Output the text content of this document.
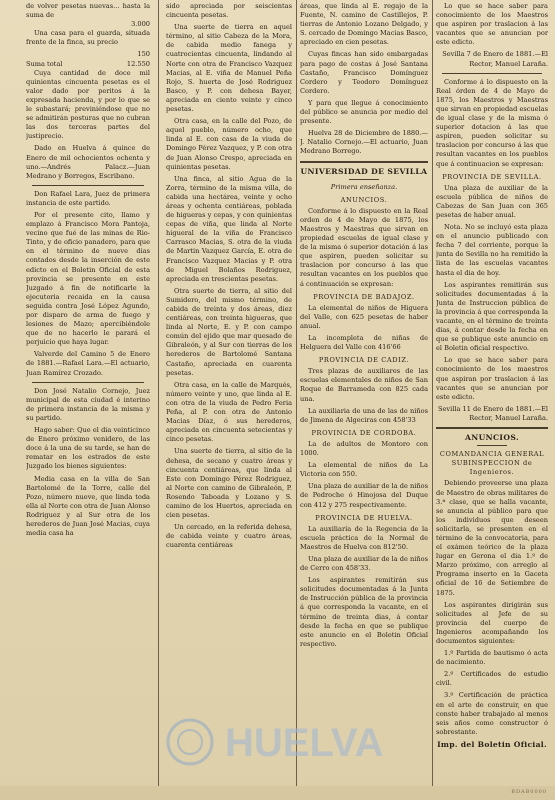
de volver pesetas nuevas... hasta la suma de
3.000

Una casa para el guarda, situada frente de la finca, su precio

150
Suma total	12.550

Cuya cantidad de doce mil quinientas cincuenta pesetas es el valor dado por peritos á la expresada hacienda, y por lo que se le subastará; previniéndose que no se admitirán posturas que no cubran las dos terceras partes del justiprecio.

Dado en Huelva á quince de Enero de mil ochocientos ochenta y uno.—Andrés Palacz.—Juan Medrano y Borregos, Escribano.

Don Rafael Lara, Juez de primera instancia de este partido.

Por el presente cito, llamo y emplazo á Francisco Mora Pantoja, vecino que fué de las minas de Rio-Tinto, y de oficio panadero, para que en el término de nueve dias contados desde la inserción de este edicto en el Boletin Oficial de esta provincia se presente en este Juzgado á fin de notificarle la ejecutoria recaida en la causa seguida contra José López Agundo, por disparo de arma de fuego y lesiones de Mazo; apercibiéndole que de no hacerlo le parará el perjuicio que haya lugar.

Valverde del Camino 5 de Enero de 1881.—Rafael Lara.—El actuario, Juan Ramírez Crozado.

Don José Natalio Cornejo, Juez municipal de esta ciudad é interino de primera instancia de la misma y su partido.

Hago saber: Que el dia veinticinco de Enero próximo venidero, de las doce á la una de su tarde, se han de rematar en los estrados de este Juzgado los bienes siguientes:

Media casa en la villa de San Bartolomé de la Torre, calle del Pozo, número nueve, que linda toda ella al Norte con otra de Juan Alonso Rodriguez y al Sur otra de los herederos de Juan José Macias, cuya media casa ha

sido apreciada por seiscientas cincuenta pesetas.

Una suerte de tierra en aquel término, al sitio Cabeza de la Mora, de cabida medio fanega y cuatrocientas cincuenta, lindando al Norte con otra de Francisco Vazquez Macias, al E. viña de Manuel Peña Rojo, S. huerta de José Rodriguez Basco, y P. con dehesa Bayer, apreciada en ciento veinte y cinco pesetas.

Otra casa, en la calle del Pozo, de aquel pueblo, número ocho, que linda al E. con casa de la viuda de Domingo Pérez Vazquez, y P. con otra de Juan Alonso Crespo, apreciada en quinientas pesetas.

Una finca, al sitio Agua de la Zorra, término de la misma villa, de cabida una hectárea, veinte y ocho áreas y ochenta centiáreas, poblada de higueras y cepas, y con quinientas cepas de viña, que linda al Norte higueral de la viña de Francisco Carrasco Macias, S. otra de la viuda de Martin Vazquez García, E. otra de Francisco Vazquez Macias y P. otra de Miguel Bolaños Rodriguez, apreciada en trescientas pesetas.

Otra suerte de tierra, al sitio del Sumidero, del mismo término, de cabida de treinta y dos áreas, diez centiáreas, con treinta higueras, que linda al Norte, E. y P. con campo común del ejido que mar quesado de Gibraleón, y al Sur con tierras de los herederos de Bartolomé Santana Castaño, apreciada en cuarenta pesetas.

Otra casa, en la calle de Marqués, número veinte y uno, que linda al E. con otra de la viuda de Pedro Feria Peña, al P. con otra de Antonio Macias Díaz, ó sus herederos, apreciada en cincuenta setecientas y cinco pesetas.

Una suerte de tierra, al sitio de la dehesa, de secano y cuatro áreas y cincuenta centiáreas, que linda al Este con Domingo Pérez Rodriguez, al Norte con camino de Gibraleón, P. Rosendo Taboada y Lozano y S. camino de los Huertos, apreciada en cien pesetas.

Un cercado, en la referida dehesa, de cabida veinte y cuatro áreas, cuarenta centiáreas

áreas, que linda al E. regajo de la Fuente, N. camino de Castillejos, P. tierras de Antonio Lozano Delgado, y S. cercado de Domingo Macias Basco, apreciado en cien pesetas.

Cuyas fincas han sido embargadas para pago de costas á José Santana Castaño, Francisco Domínguez Cordero y Teodoro Domínguez Cordero.

Y para que llegue á conocimiento del público se anuncia por medio del presente.

Huelva 28 de Diciembre de 1880.—J. Natalio Cornejo.—El actuario, Juan Medrano Borrego.

UNIVERSIDAD DE SEVILLA
Primera enseñanza.
ANUNCIOS.

Conforme á lo dispuesto en la Real orden de 4 de Mayo de 1875, los Maestros y Maestras que sirvan en propiedad escuelas de igual clase y de la misma ó superior dotación á las que aspiren, pueden solicitar su traslacion por concurso á las que resultan vacantes en los pueblos que á continuación se expresan:

PROVINCIA DE BADAJOZ.

La elemental de niños de Higuera del Valle, con 625 pesetas de haber anual.

La incompleta de niñas de Helguera del Valle con 416'66

PROVINCIA DE CADIZ.

Tres plazas de auxiliares de las escuelas elementales de niños de San Roque de Barrameda con 825 cada una.

La auxiliaria de una de las de niños de Jimena de Algeciras con 458'33

PROVINCIA DE CORDOBA.

La de adultos de Montoro con 1000.

La elemental de niños de La Victoria con 550.

Una plaza de auxiliar de la de niños de Pedroche ó Hinojosa del Duque con 412 y 275 respectivamente.

PROVINCIA DE HUELVA.

La auxiliaría de la Regencia de la escuela práctica de la Normal de Maestros de Huelva con 812'50.

Una plaza de auxiliar de la de niños de Cerro con 458'33.

Los aspirantes remitirán sus solicitudes documentadas á la Junta de Instrucción pública de la provincia á que corresponda la vacante, en el término de treinta dias, á contar desde la fecha en que se publique este anuncio en el Boletin Oficial respectivo.

Lo que se hace saber para conocimiento de los Maestros que aspiren por traslacion á las vacantes que se anuncian por este edicto.

Sevilla 7 de Enero de 1881.—El Rector, Manuel Laraña.

Conforme á lo dispuesto en la Real órden de 4 de Mayo de 1875, los Maestros y Maestras que sirvan en propiedad escuelas de igual clase y de la misma ó superior dotacion á las que aspiren, pueden solicitar su traslacion por concurso á las que resultan vacantes en los pueblos que á continuacion se expresan:

PROVINCIA DE SEVILLA.

Una plaza de auxiliar de la escuela pública de niños de Cabezas de San Juan con 365 pesetas de haber anual.

Nota. No se incluyó esta plaza en el anuncio publicado con fecha 7 del corriente, porque la junta de Sevilla no ha remitido la lista de las escuelas vacantes hasta el dia de hoy.

Los aspirantes remitirán sus solicitudes documentadas á la Junta de Instruccion pública de la provincia á que corresponda la vacante, en el término de treinta dias, á contar desde la fecha en que se publique este anuncio en el Boletin oficial respectivo.

Lo que se hace saber para conocimiento de los maestros que aspiran por traslacion á las vacantes que se anuncian por este edicto.

Sevilla 11 de Enero de 1881.—El Rector, Manuel Laraña.

ANUNCIOS.
COMANDANCIA GENERAL SUBINSPECCION de Ingenieros.

Debiendo proveerse una plaza de Maestro de obras militares de 3.ª clase, que se halla vacante, se anuncia al público para que los individuos que deseen solicitarla, se presenten en el término de la convocatoria, para el exámen teórico de la plaza lugar en Gerona el dia 1.º de Marzo próximo, con arreglo al Programa inserto en la Gaceta oficial de 16 de Setiembre de 1875.

Los aspirantes dirigirán sus solicitudes al Jefe de su provincia del cuerpo de Ingenieros acompañando los documentos siguientes:

1.º Partida de bautismo ó acta de nacimiento.

2.º Certificados de estudio civil.

3.º Certificación de práctica en el arte de construir, en que conste haber trabajado al menos seis años como constructor ó sobrestante.

Imp. del Boletin Oficial.
HUELVA
BDAB0000
